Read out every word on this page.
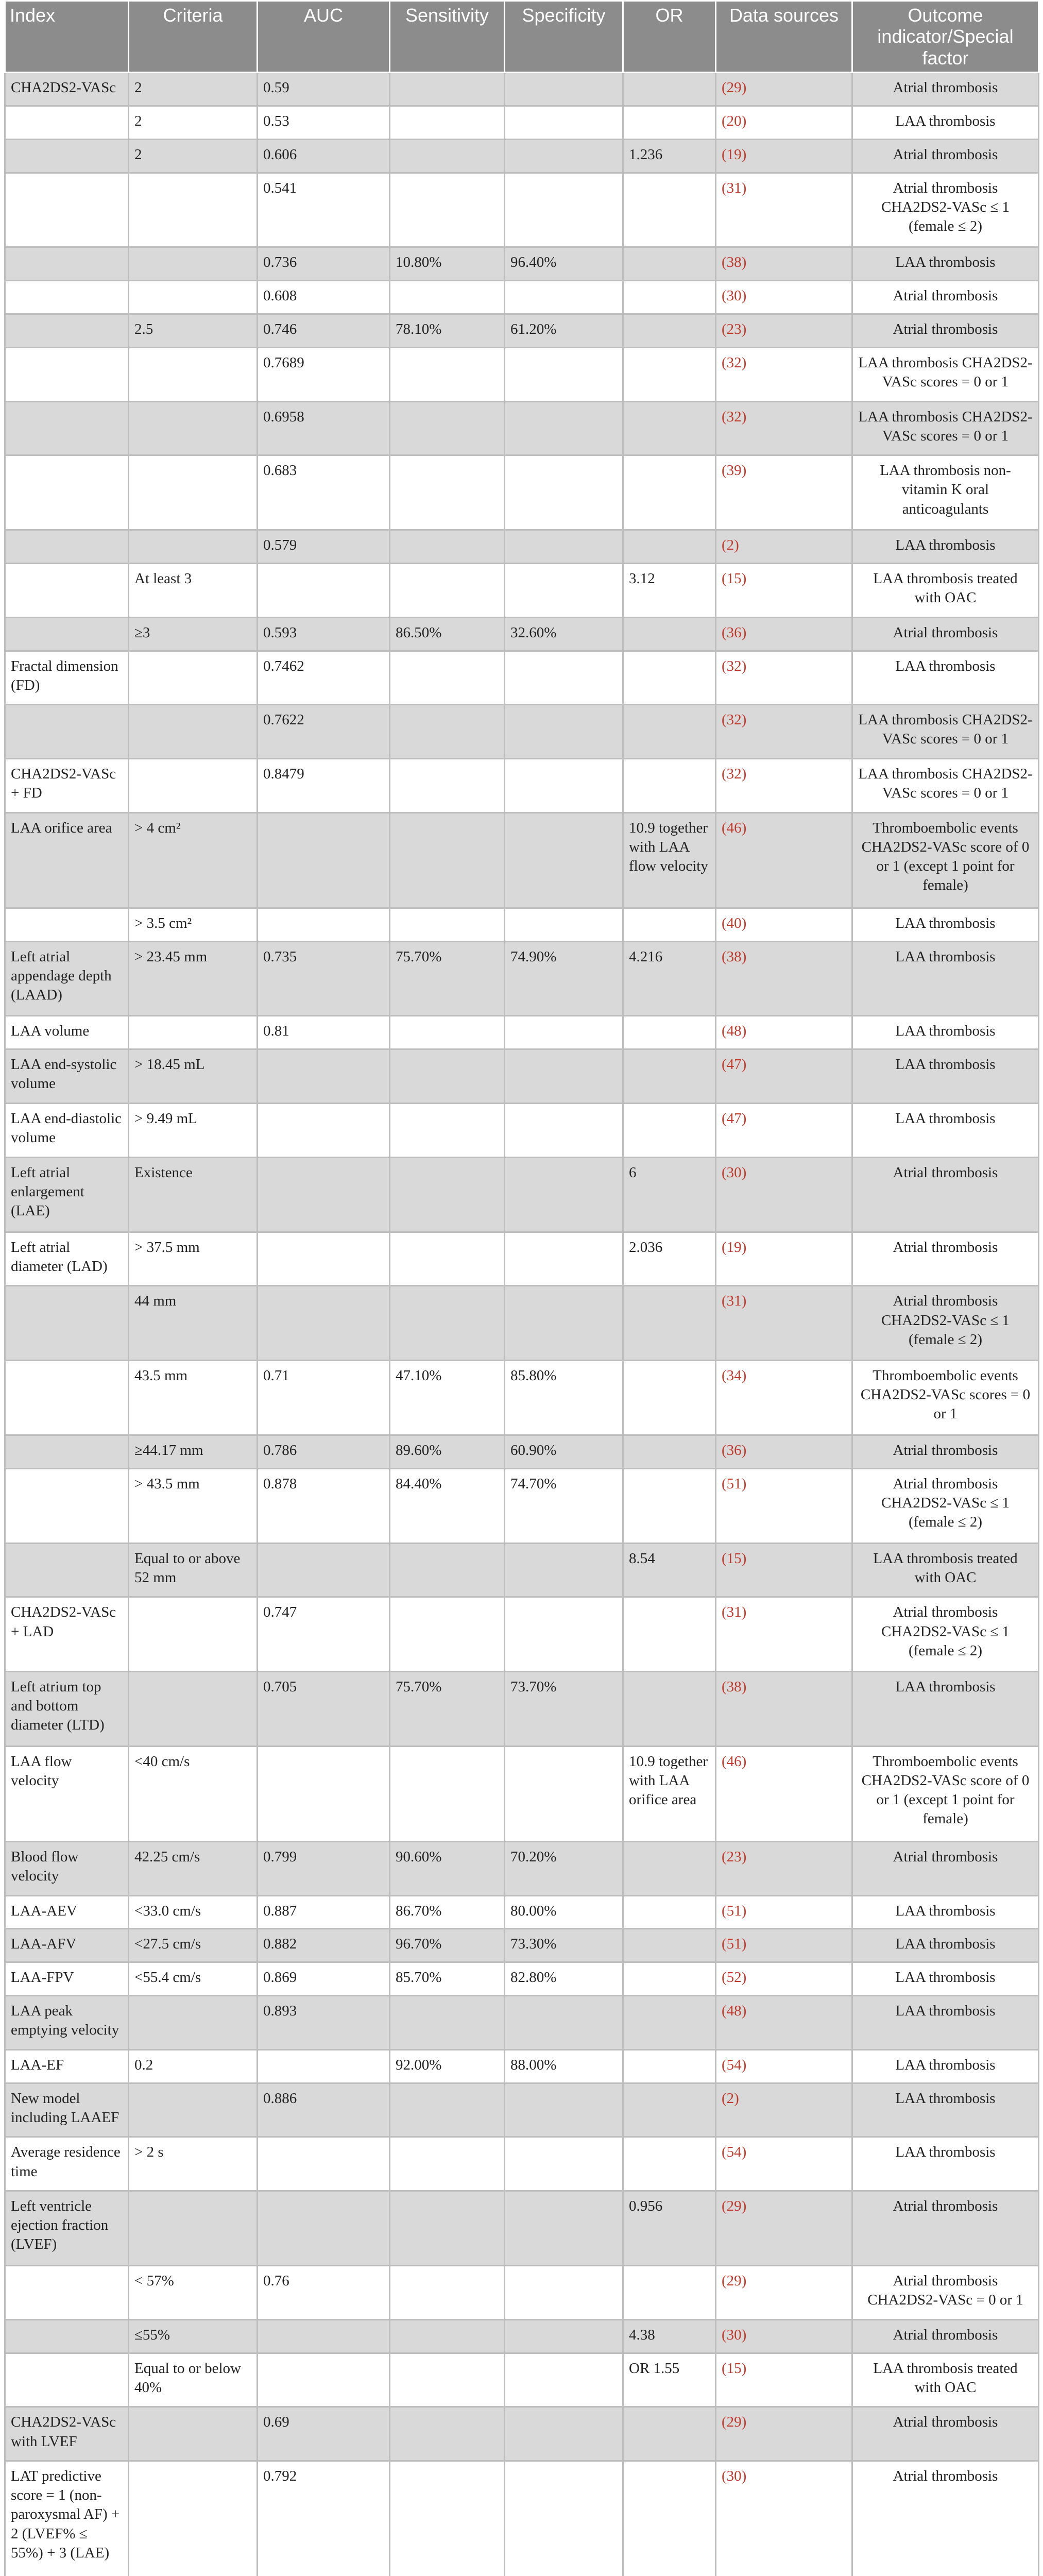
Index	Criteria	AUC	Sensitivity	Specificity	OR	Data sources	Outcome indicator/Special factor
CHA2DS2-VASc	2	0.59				(29)	Atrial thrombosis
	2	0.53				(20)	LAA thrombosis
	2	0.606			1.236	(19)	Atrial thrombosis
		0.541				(31)	Atrial thrombosis CHA2DS2-VASc ≤ 1 (female ≤ 2)
		0.736	10.80%	96.40%		(38)	LAA thrombosis
		0.608				(30)	Atrial thrombosis
	2.5	0.746	78.10%	61.20%		(23)	Atrial thrombosis
		0.7689				(32)	LAA thrombosis CHA2DS2-VASc scores = 0 or 1
		0.6958				(32)	LAA thrombosis CHA2DS2-VASc scores = 0 or 1
		0.683				(39)	LAA thrombosis non-vitamin K oral anticoagulants
		0.579				(2)	LAA thrombosis
	At least 3				3.12	(15)	LAA thrombosis treated with OAC
	≥3	0.593	86.50%	32.60%		(36)	Atrial thrombosis
Fractal dimension (FD)		0.7462				(32)	LAA thrombosis
		0.7622				(32)	LAA thrombosis CHA2DS2-VASc scores = 0 or 1
CHA2DS2-VASc + FD		0.8479				(32)	LAA thrombosis CHA2DS2-VASc scores = 0 or 1
LAA orifice area	> 4 cm²				10.9 together with LAA flow velocity	(46)	Thromboembolic events CHA2DS2-VASc score of 0 or 1 (except 1 point for female)
	> 3.5 cm²					(40)	LAA thrombosis
Left atrial appendage depth (LAAD)	> 23.45 mm	0.735	75.70%	74.90%	4.216	(38)	LAA thrombosis
LAA volume		0.81				(48)	LAA thrombosis
LAA end-systolic volume	> 18.45 mL					(47)	LAA thrombosis
LAA end-diastolic volume	> 9.49 mL					(47)	LAA thrombosis
Left atrial enlargement (LAE)	Existence				6	(30)	Atrial thrombosis
Left atrial diameter (LAD)	> 37.5 mm				2.036	(19)	Atrial thrombosis
	44 mm					(31)	Atrial thrombosis CHA2DS2-VASc ≤ 1 (female ≤ 2)
	43.5 mm	0.71	47.10%	85.80%		(34)	Thromboembolic events CHA2DS2-VASc scores = 0 or 1
	≥44.17 mm	0.786	89.60%	60.90%		(36)	Atrial thrombosis
	> 43.5 mm	0.878	84.40%	74.70%		(51)	Atrial thrombosis CHA2DS2-VASc ≤ 1 (female ≤ 2)
	Equal to or above 52 mm				8.54	(15)	LAA thrombosis treated with OAC
CHA2DS2-VASc + LAD		0.747				(31)	Atrial thrombosis CHA2DS2-VASc ≤ 1 (female ≤ 2)
Left atrium top and bottom diameter (LTD)		0.705	75.70%	73.70%		(38)	LAA thrombosis
LAA flow velocity	<40 cm/s				10.9 together with LAA orifice area	(46)	Thromboembolic events CHA2DS2-VASc score of 0 or 1 (except 1 point for female)
Blood flow velocity	42.25 cm/s	0.799	90.60%	70.20%		(23)	Atrial thrombosis
LAA-AEV	<33.0 cm/s	0.887	86.70%	80.00%		(51)	LAA thrombosis
LAA-AFV	<27.5 cm/s	0.882	96.70%	73.30%		(51)	LAA thrombosis
LAA-FPV	<55.4 cm/s	0.869	85.70%	82.80%		(52)	LAA thrombosis
LAA peak emptying velocity		0.893				(48)	LAA thrombosis
LAA-EF	0.2		92.00%	88.00%		(54)	LAA thrombosis
New model including LAAEF		0.886				(2)	LAA thrombosis
Average residence time	> 2 s					(54)	LAA thrombosis
Left ventricle ejection fraction (LVEF)					0.956	(29)	Atrial thrombosis
	< 57%	0.76				(29)	Atrial thrombosis CHA2DS2-VASc = 0 or 1
	≤55%				4.38	(30)	Atrial thrombosis
	Equal to or below 40%				OR 1.55	(15)	LAA thrombosis treated with OAC
CHA2DS2-VASc with LVEF		0.69				(29)	Atrial thrombosis
LAT predictive score = 1 (non-paroxysmal AF) + 2 (LVEF% ≤ 55%) + 3 (LAE)		0.792				(30)	Atrial thrombosis
